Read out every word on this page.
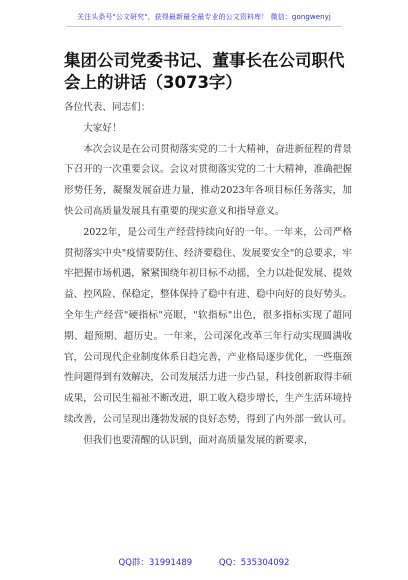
关注头条号"公文研究"，获得最新最全最专业的公文资料库！ 微信：gongwenyj
集团公司党委书记、董事长在公司职代会上的讲话（3073字）

各位代表、同志们：

大家好！

本次会议是在公司贯彻落实党的二十大精神，奋进新征程的背景下召开的一次重要会议。会议对贯彻落实党的二十大精神，准确把握形势任务，凝聚发展奋进力量，推动2023年各项目标任务落实，加快公司高质量发展具有重要的现实意义和指导意义。

2022年，是公司生产经营持续向好的一年。一年来，公司严格贯彻落实中央"疫情要防住、经济要稳住、发展要安全"的总要求，牢牢把握市场机遇，紧紧围绕年初目标不动摇，全力以赴促发展、提效益、控风险、保稳定，整体保持了稳中有进、稳中向好的良好势头。全年生产经营"硬指标"亮眼，"软指标"出色，很多指标实现了超同期、超预期、超历史。一年来，公司深化改革三年行动实现圆满收官，公司现代企业制度体系日趋完善，产业格局逐步优化，一些瓶颈性问题得到有效解决，公司发展活力进一步凸显，科技创新取得丰硕成果，公司民生福祉不断改进，职工收入稳步增长，生产生活环境持续改善，公司呈现出蓬勃发展的良好态势，得到了内外部一致认可。

但我们也要清醒的认识到，面对高质量发展的新要求，

QQ群：31991489	QQ：535304092
